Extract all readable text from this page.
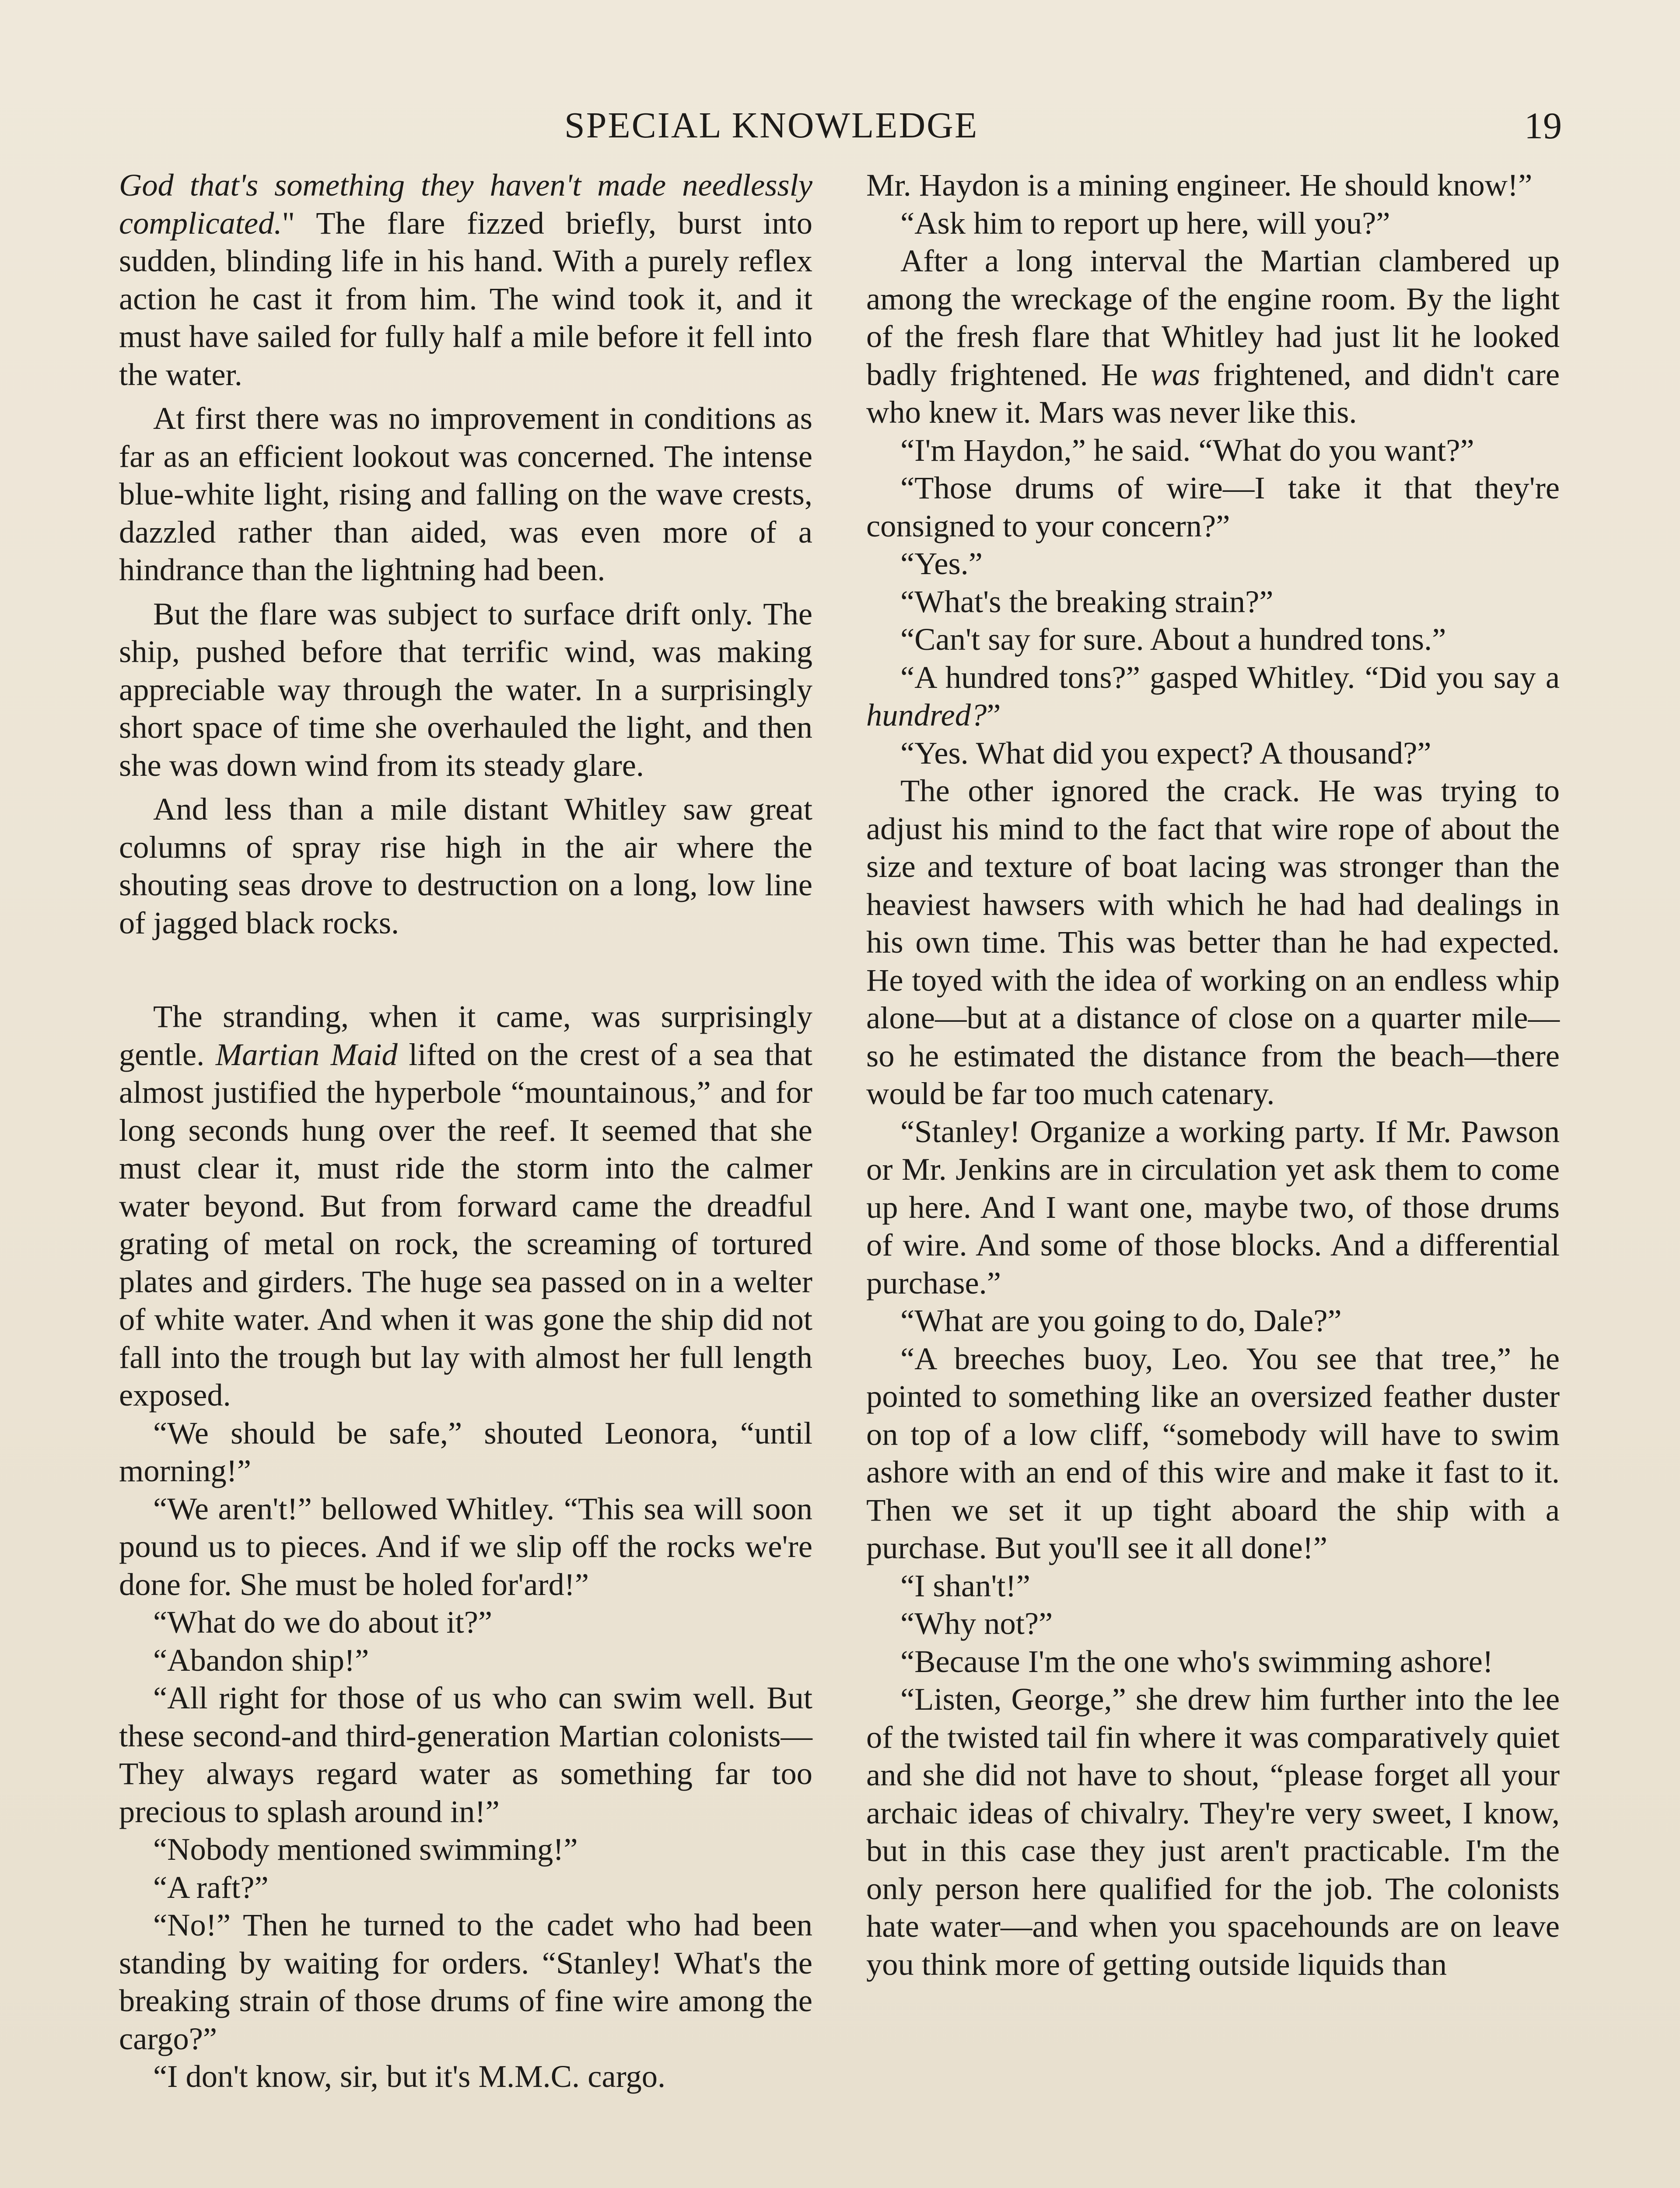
SPECIAL KNOWLEDGE	19

God that's something they haven't made needlessly complicated." The flare fizzed briefly, burst into sudden, blinding life in his hand. With a purely reflex action he cast it from him. The wind took it, and it must have sailed for fully half a mile before it fell into the water.

At first there was no improvement in conditions as far as an efficient lookout was concerned. The intense blue-white light, rising and falling on the wave crests, dazzled rather than aided, was even more of a hindrance than the lightning had been.

But the flare was subject to surface drift only. The ship, pushed before that terrific wind, was making appreciable way through the water. In a surprisingly short space of time she overhauled the light, and then she was down wind from its steady glare.

And less than a mile distant Whitley saw great columns of spray rise high in the air where the shouting seas drove to destruction on a long, low line of jagged black rocks.

The stranding, when it came, was surprisingly gentle. Martian Maid lifted on the crest of a sea that almost justified the hyperbole “mountainous,” and for long seconds hung over the reef. It seemed that she must clear it, must ride the storm into the calmer water beyond. But from forward came the dreadful grating of metal on rock, the screaming of tortured plates and girders. The huge sea passed on in a welter of white water. And when it was gone the ship did not fall into the trough but lay with almost her full length exposed.

“We should be safe,” shouted Leonora, “until morning!”

“We aren't!” bellowed Whitley. “This sea will soon pound us to pieces. And if we slip off the rocks we're done for. She must be holed for'ard!”

“What do we do about it?”

“Abandon ship!”

“All right for those of us who can swim well. But these second-and third-generation Martian colonists— They always regard water as something far too precious to splash around in!”

“Nobody mentioned swimming!”

“A raft?”

“No!” Then he turned to the cadet who had been standing by waiting for orders. “Stanley! What's the breaking strain of those drums of fine wire among the cargo?”

“I don't know, sir, but it's M.M.C. cargo.

Mr. Haydon is a mining engineer. He should know!”

“Ask him to report up here, will you?”

After a long interval the Martian clambered up among the wreckage of the engine room. By the light of the fresh flare that Whitley had just lit he looked badly frightened. He was frightened, and didn't care who knew it. Mars was never like this.

“I'm Haydon,” he said. “What do you want?”

“Those drums of wire—I take it that they're consigned to your concern?”

“Yes.”

“What's the breaking strain?”

“Can't say for sure. About a hundred tons.”

“A hundred tons?” gasped Whitley. “Did you say a hundred?”

“Yes. What did you expect? A thousand?”

The other ignored the crack. He was trying to adjust his mind to the fact that wire rope of about the size and texture of boat lacing was stronger than the heaviest hawsers with which he had had dealings in his own time. This was better than he had expected. He toyed with the idea of working on an endless whip alone—but at a distance of close on a quarter mile—so he estimated the distance from the beach—there would be far too much catenary.

“Stanley! Organize a working party. If Mr. Pawson or Mr. Jenkins are in circulation yet ask them to come up here. And I want one, maybe two, of those drums of wire. And some of those blocks. And a differential purchase.”

“What are you going to do, Dale?”

“A breeches buoy, Leo. You see that tree,” he pointed to something like an oversized feather duster on top of a low cliff, “somebody will have to swim ashore with an end of this wire and make it fast to it. Then we set it up tight aboard the ship with a purchase. But you'll see it all done!”

“I shan't!”

“Why not?”

“Because I'm the one who's swimming ashore!

“Listen, George,” she drew him further into the lee of the twisted tail fin where it was comparatively quiet and she did not have to shout, “please forget all your archaic ideas of chivalry. They're very sweet, I know, but in this case they just aren't practicable. I'm the only person here qualified for the job. The colonists hate water—and when you spacehounds are on leave you think more of getting outside liquids than
